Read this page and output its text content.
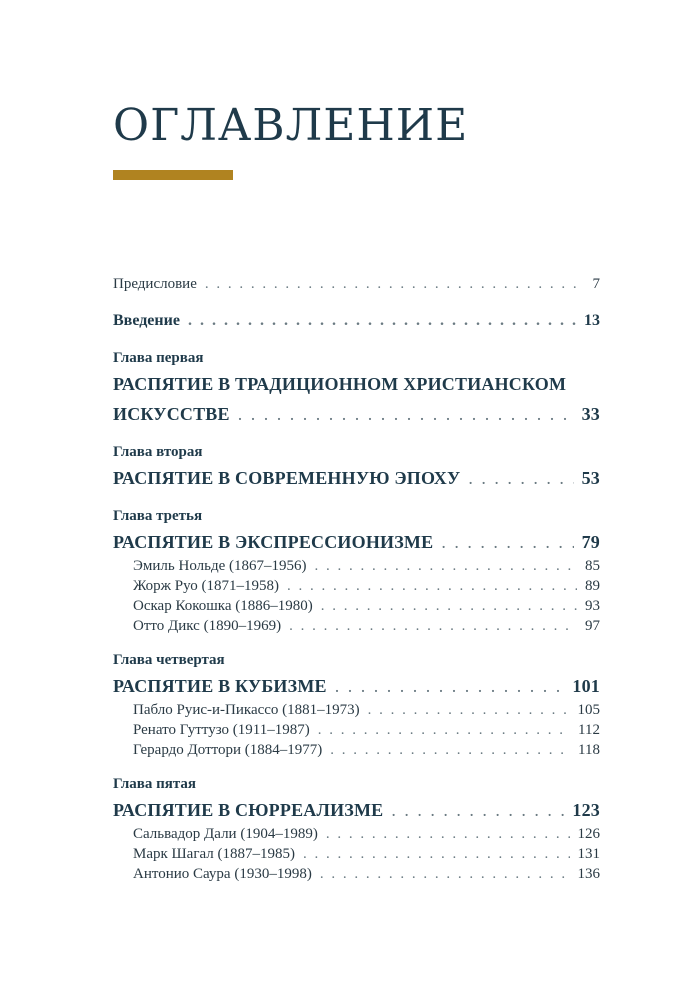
ОГЛАВЛЕНИЕ
Предисловие . . .	7
Введение . . .	13
Глава первая
РАСПЯТИЕ В ТРАДИЦИОННОМ ХРИСТИАНСКОМ
ИСКУССТВЕ . . .	33
Глава вторая
РАСПЯТИЕ В СОВРЕМЕННУЮ ЭПОХУ . . .	53
Глава третья
РАСПЯТИЕ В ЭКСПРЕССИОНИЗМЕ . . .	79
Эмиль Нольде (1867–1956) . . .	85
Жорж Руо (1871–1958) . . .	89
Оскар Кокошка (1886–1980) . . .	93
Отто Дикс (1890–1969) . . .	97
Глава четвертая
РАСПЯТИЕ В КУБИЗМЕ . . .	101
Пабло Руис-и-Пикассо (1881–1973) . . .	105
Ренато Гуттузо (1911–1987) . . .	112
Герардо Доттори (1884–1977) . . .	118
Глава пятая
РАСПЯТИЕ В СЮРРЕАЛИЗМЕ . . .	123
Сальвадор Дали (1904–1989) . . .	126
Марк Шагал (1887–1985) . . .	131
Антонио Саура (1930–1998) . . .	136
